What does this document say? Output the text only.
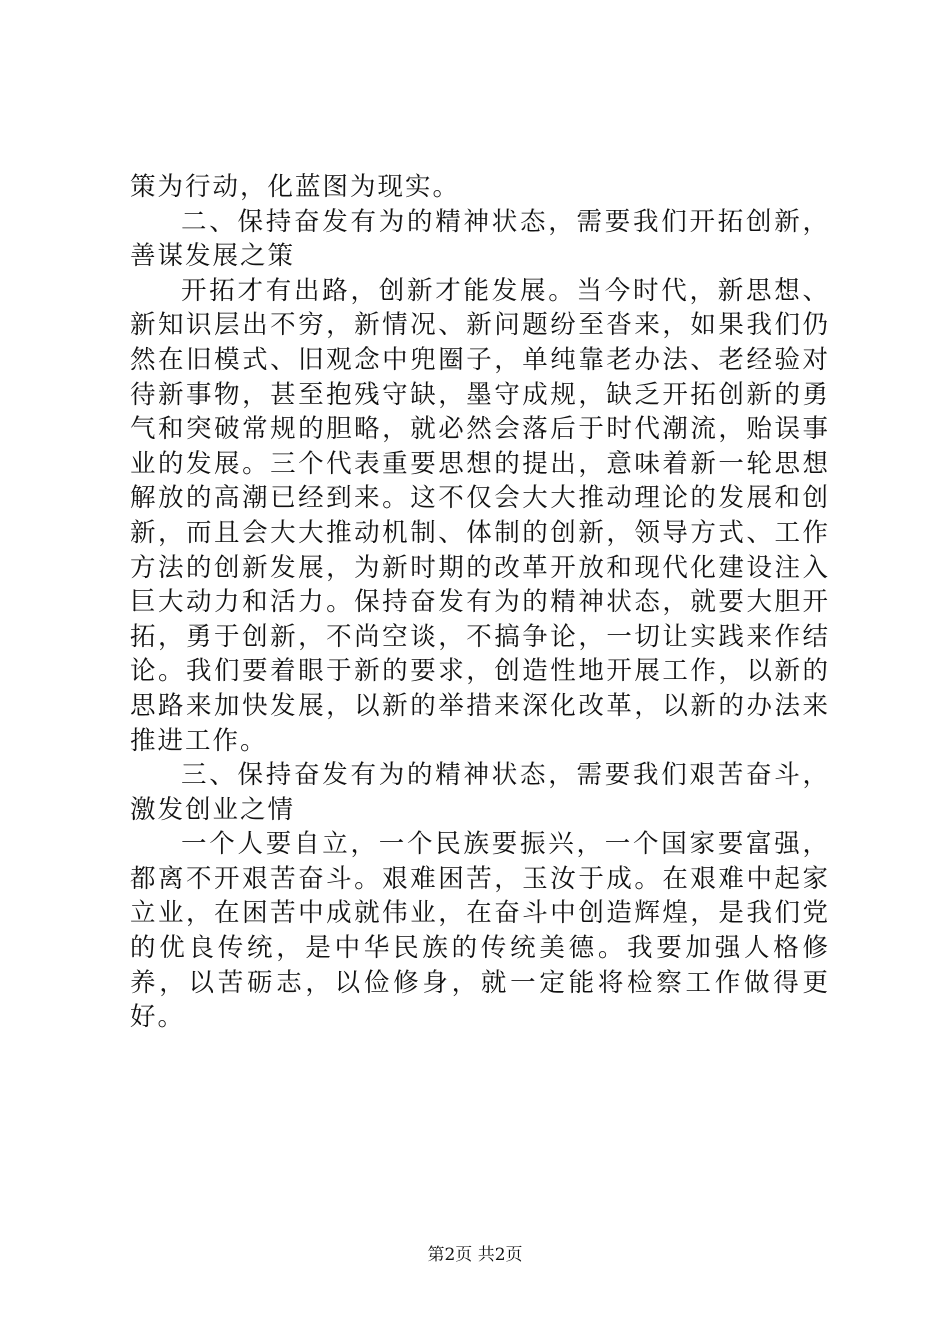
策为行动，化蓝图为现实。

二、保持奋发有为的精神状态，需要我们开拓创新，善谋发展之策

开拓才有出路，创新才能发展。当今时代，新思想、新知识层出不穷，新情况、新问题纷至沓来，如果我们仍然在旧模式、旧观念中兜圈子，单纯靠老办法、老经验对待新事物，甚至抱残守缺，墨守成规，缺乏开拓创新的勇气和突破常规的胆略，就必然会落后于时代潮流，贻误事业的发展。三个代表重要思想的提出，意味着新一轮思想解放的高潮已经到来。这不仅会大大推动理论的发展和创新，而且会大大推动机制、体制的创新，领导方式、工作方法的创新发展，为新时期的改革开放和现代化建设注入巨大动力和活力。保持奋发有为的精神状态，就要大胆开拓，勇于创新，不尚空谈，不搞争论，一切让实践来作结论。我们要着眼于新的要求，创造性地开展工作，以新的思路来加快发展，以新的举措来深化改革，以新的办法来推进工作。

三、保持奋发有为的精神状态，需要我们艰苦奋斗，激发创业之情

一个人要自立，一个民族要振兴，一个国家要富强，都离不开艰苦奋斗。艰难困苦，玉汝于成。在艰难中起家立业，在困苦中成就伟业，在奋斗中创造辉煌，是我们党的优良传统，是中华民族的传统美德。我要加强人格修养，以苦砺志，以俭修身，就一定能将检察工作做得更好。

第2页 共2页
